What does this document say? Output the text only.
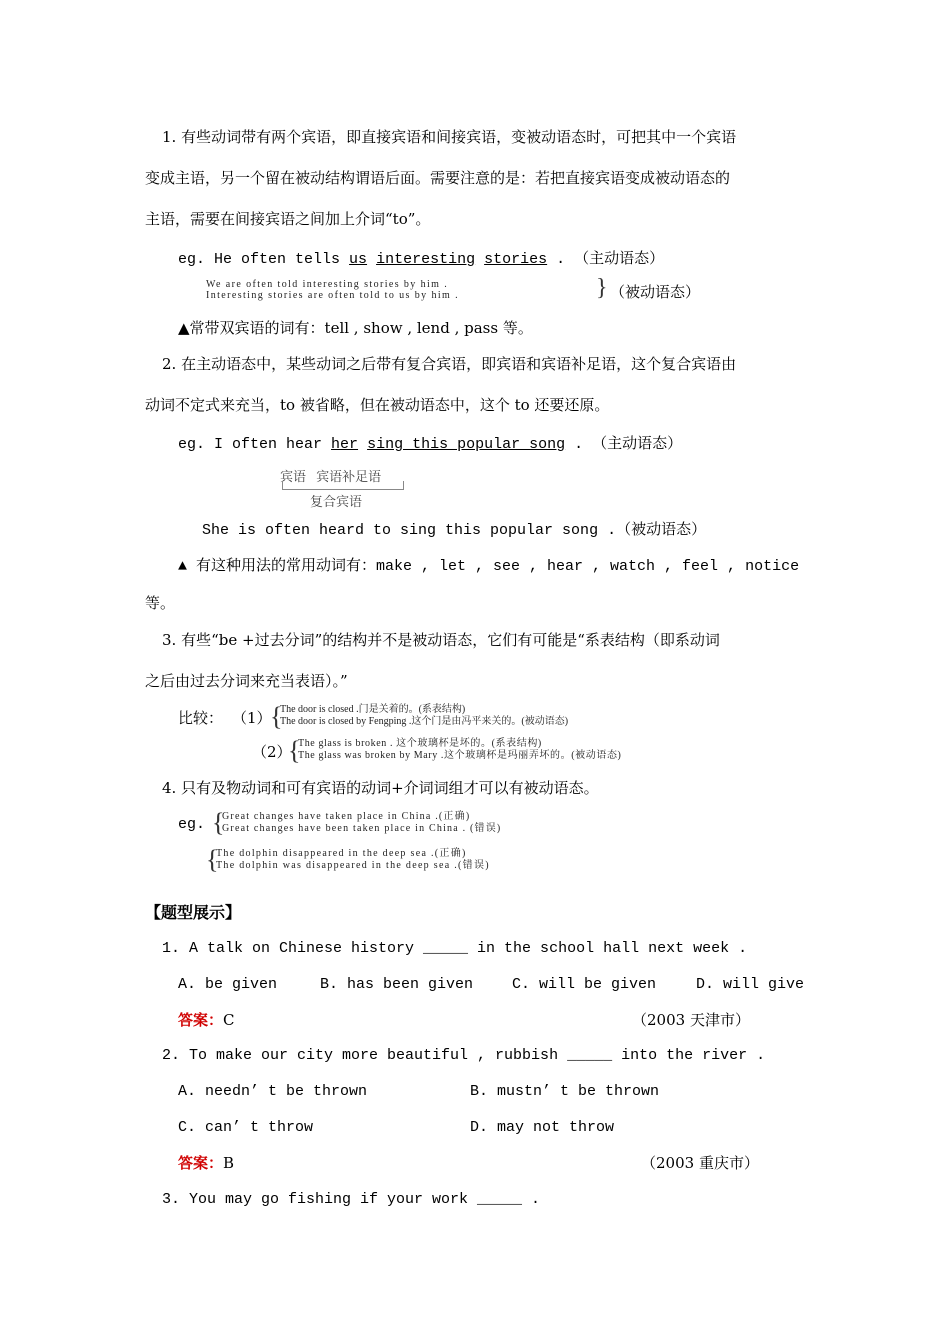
1. 有些动词带有两个宾语，即直接宾语和间接宾语，变被动语态时，可把其中一个宾语
变成主语，另一个留在被动结构谓语后面。需要注意的是：若把直接宾语变成被动语态的
主语，需要在间接宾语之间加上介词“to”。
eg. He often tells us interesting stories . （主动语态）
We are often told interesting stories by him .
Interesting stories are often told to us by him .	} （被动语态）
▲常带双宾语的词有：tell , show , lend , pass 等。
2. 在主动语态中，某些动词之后带有复合宾语，即宾语和宾语补足语，这个复合宾语由
动词不定式来充当，to 被省略，但在被动语态中，这个 to 还要还原。
eg. I often hear her sing this popular song . （主动语态）
宾语 宾语补足语
复合宾语
She is often heard to sing this popular song .（被动语态）
▲ 有这种用法的常用动词有：make , let , see , hear , watch , feel , notice
等。
3. 有些“be +过去分词”的结构并不是被动语态，它们有可能是“系表结构（即系动词
之后由过去分词来充当表语）。”
比较： （1）
{
The door is closed .门是关着的。(系表结构)
The door is closed by Fengping .这个门是由冯平来关的。(被动语态)
（2）
{
The glass is broken . 这个玻璃杯是坏的。(系表结构)
The glass was broken by Mary .这个玻璃杯是玛丽弄坏的。(被动语态)
4. 只有及物动词和可有宾语的动词+介词词组才可以有被动语态。
eg. {
Great changes have taken place in China .(正确)
Great changes have been taken place in China . (错误)
{
The dolphin disappeared in the deep sea .(正确)
The dolphin was disappeared in the deep sea .(错误)
【题型展示】
1. A talk on Chinese history _____ in the school hall next week .
A. be given	B. has been given	C. will be given	D. will give
答案：C	（2003 天津市）
2. To make our city more beautiful , rubbish _____ into the river .
A. needn’ t be thrown	B. mustn’ t be thrown
C. can’ t throw	D. may not throw
答案：B	（2003 重庆市）
3. You may go fishing if your work _____ .
